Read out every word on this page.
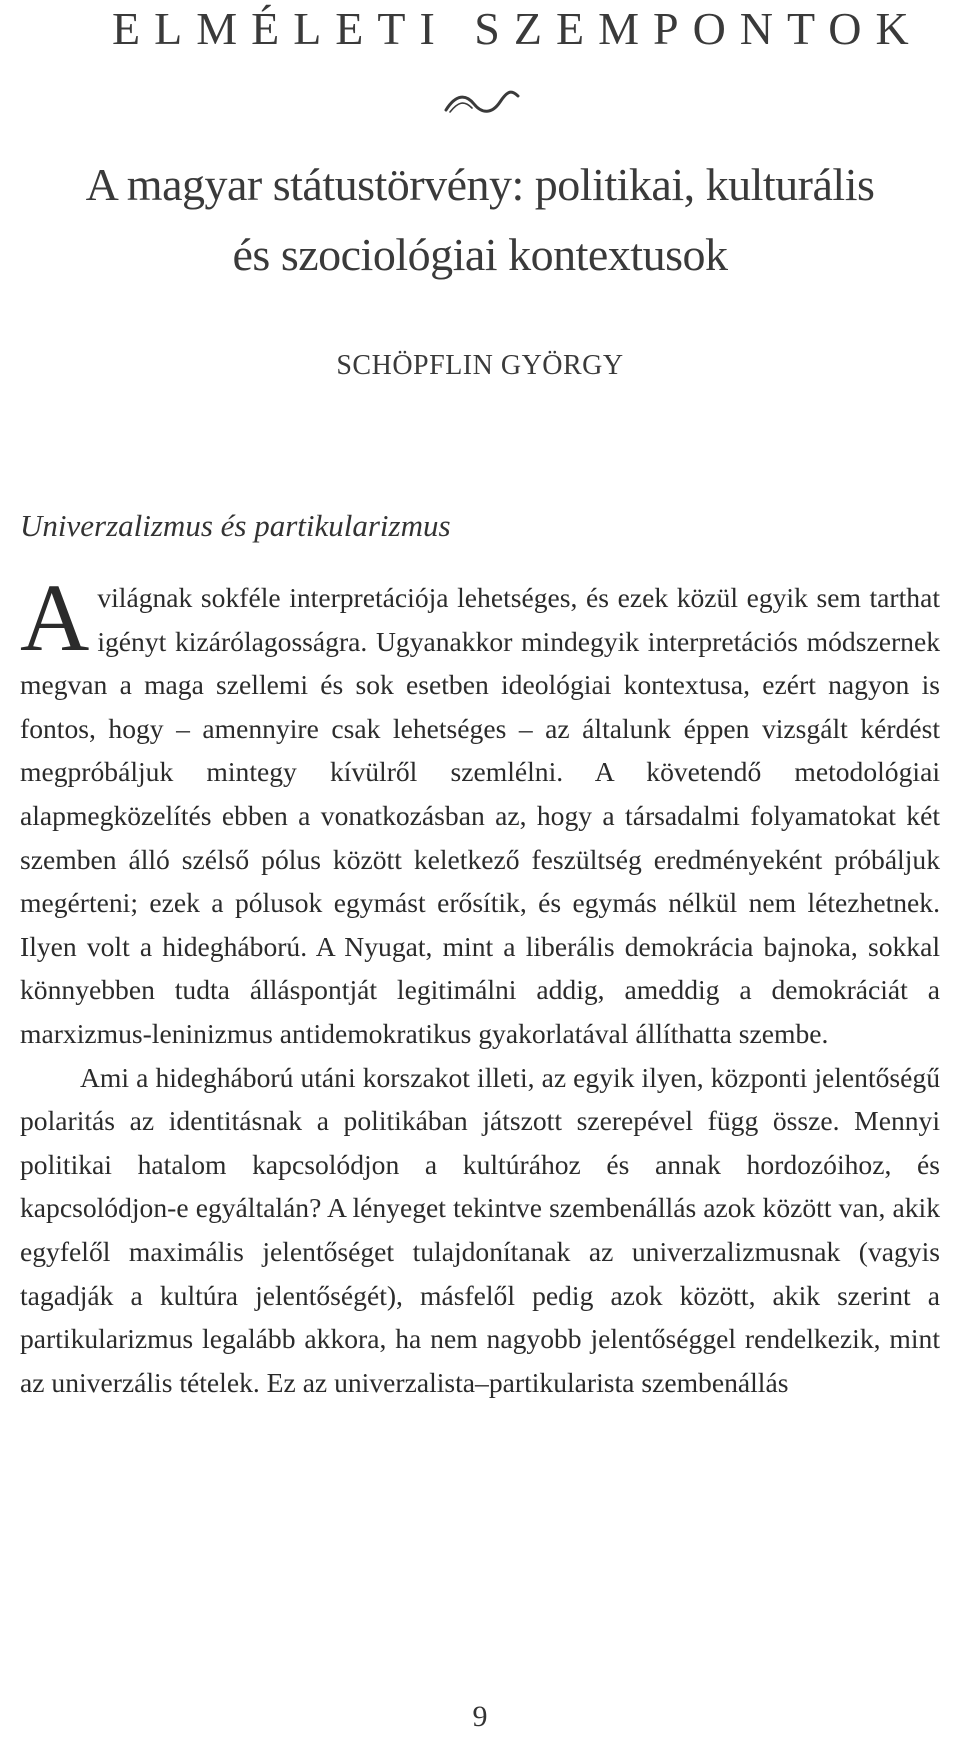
ELMÉLETI SZEMPONTOK
A magyar státustörvény: politikai, kulturális
és szociológiai kontextusok
SCHÖPFLIN GYÖRGY
Univerzalizmus és partikularizmus

Avilágnak sokféle interpretációja lehetséges, és ezek közül egyik sem tarthat igényt kizárólagosságra. Ugyanakkor mindegyik interpretációs módszernek megvan a maga szellemi és sok esetben ideológiai kontextusa, ezért nagyon is fontos, hogy – amennyire csak lehetséges – az általunk éppen vizsgált kérdést megpróbáljuk mintegy kívülről szemlélni. A követendő metodológiai alapmegközelítés ebben a vonatkozásban az, hogy a társadalmi folyamatokat két szemben álló szélső pólus között keletkező feszültség eredményeként próbáljuk megérteni; ezek a pólusok egymást erősítik, és egymás nélkül nem létezhetnek. Ilyen volt a hidegháború. A Nyugat, mint a liberális demokrácia bajnoka, sokkal könnyebben tudta álláspontját legitimálni addig, ameddig a demokráciát a marxizmus-leninizmus antidemokratikus gyakorlatával állíthatta szembe.

Ami a hidegháború utáni korszakot illeti, az egyik ilyen, központi jelentőségű polaritás az identitásnak a politikában játszott szerepével függ össze. Mennyi politikai hatalom kapcsolódjon a kultúrához és annak hordozóihoz, és kapcsolódjon-e egyáltalán? A lényeget tekintve szembenállás azok között van, akik egyfelől maximális jelentőséget tulajdonítanak az univerzalizmusnak (vagyis tagadják a kultúra jelentőségét), másfelől pedig azok között, akik szerint a partikularizmus legalább akkora, ha nem nagyobb jelentőséggel rendelkezik, mint az univerzális tételek. Ez az univerzalista–partikularista szembenállás

9
